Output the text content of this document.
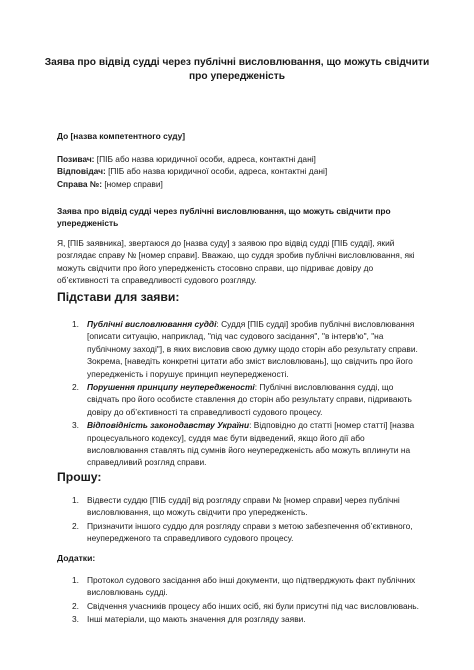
Заява про відвід судді через публічні висловлювання, що можуть свідчити про упередженість
До [назва компетентного суду]
Позивач: [ПІБ або назва юридичної особи, адреса, контактні дані]
Відповідач: [ПІБ або назва юридичної особи, адреса, контактні дані]
Справа №: [номер справи]
Заява про відвід судді через публічні висловлювання, що можуть свідчити про упередженість
Я, [ПІБ заявника], звертаюся до [назва суду] з заявою про відвід судді [ПІБ судді], який розглядає справу № [номер справи]. Вважаю, що суддя зробив публічні висловлювання, які можуть свідчити про його упередженість стосовно справи, що підриває довіру до об’єктивності та справедливості судового розгляду.
Підстави для заяви:
1. Публічні висловлювання судді: Суддя [ПІБ судді] зробив публічні висловлювання [описати ситуацію, наприклад, "під час судового засідання", "в інтерв'ю", "на публічному заході"], в яких висловив свою думку щодо сторін або результату справи. Зокрема, [наведіть конкретні цитати або зміст висловлювань], що свідчить про його упередженість і порушує принцип неупередженості.
2. Порушення принципу неупередженості: Публічні висловлювання судді, що свідчать про його особисте ставлення до сторін або результату справи, підривають довіру до об’єктивності та справедливості судового процесу.
3. Відповідність законодавству України: Відповідно до статті [номер статті] [назва процесуального кодексу], суддя має бути відведений, якщо його дії або висловлювання ставлять під сумнів його неупередженість або можуть вплинути на справедливий розгляд справи.
Прошу:
1. Відвести суддю [ПІБ судді] від розгляду справи № [номер справи] через публічні висловлювання, що можуть свідчити про упередженість.
2. Призначити іншого суддю для розгляду справи з метою забезпечення об’єктивного, неупередженого та справедливого судового процесу.
Додатки:
1. Протокол судового засідання або інші документи, що підтверджують факт публічних висловлювань судді.
2. Свідчення учасників процесу або інших осіб, які були присутні під час висловлювань.
3. Інші матеріали, що мають значення для розгляду заяви.
